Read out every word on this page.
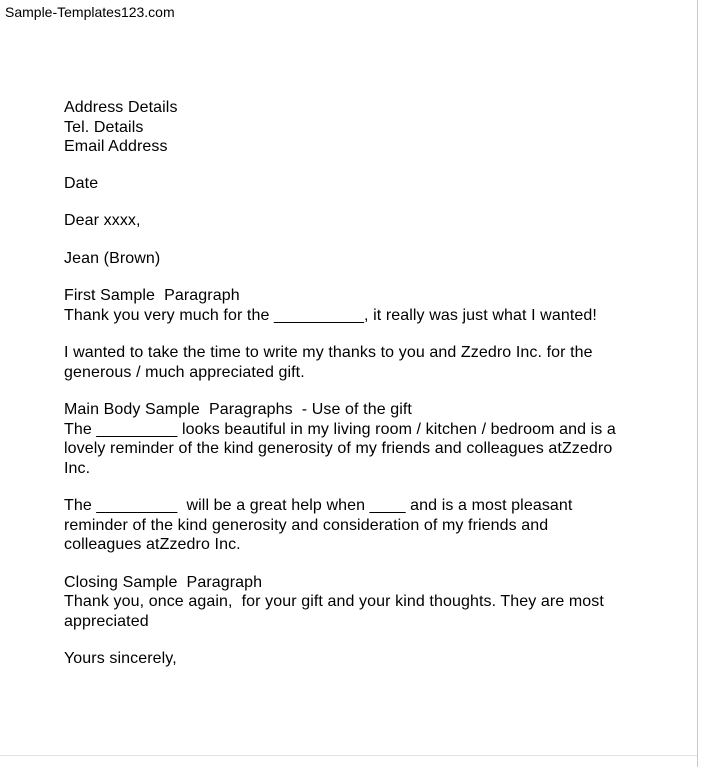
Sample-Templates123.com
Address Details
Tel. Details
Email Address
Date
Dear xxxx,
Jean (Brown)
First Sample  Paragraph
Thank you very much for the __________, it really was just what I wanted!
I wanted to take the time to write my thanks to you and Zzedro Inc. for the
generous / much appreciated gift.
Main Body Sample  Paragraphs  - Use of the gift
The _________ looks beautiful in my living room / kitchen / bedroom and is a
lovely reminder of the kind generosity of my friends and colleagues atZzedro
Inc.
The _________  will be a great help when ____ and is a most pleasant
reminder of the kind generosity and consideration of my friends and
colleagues atZzedro Inc.
Closing Sample  Paragraph
Thank you, once again,  for your gift and your kind thoughts. They are most
appreciated
Yours sincerely,
